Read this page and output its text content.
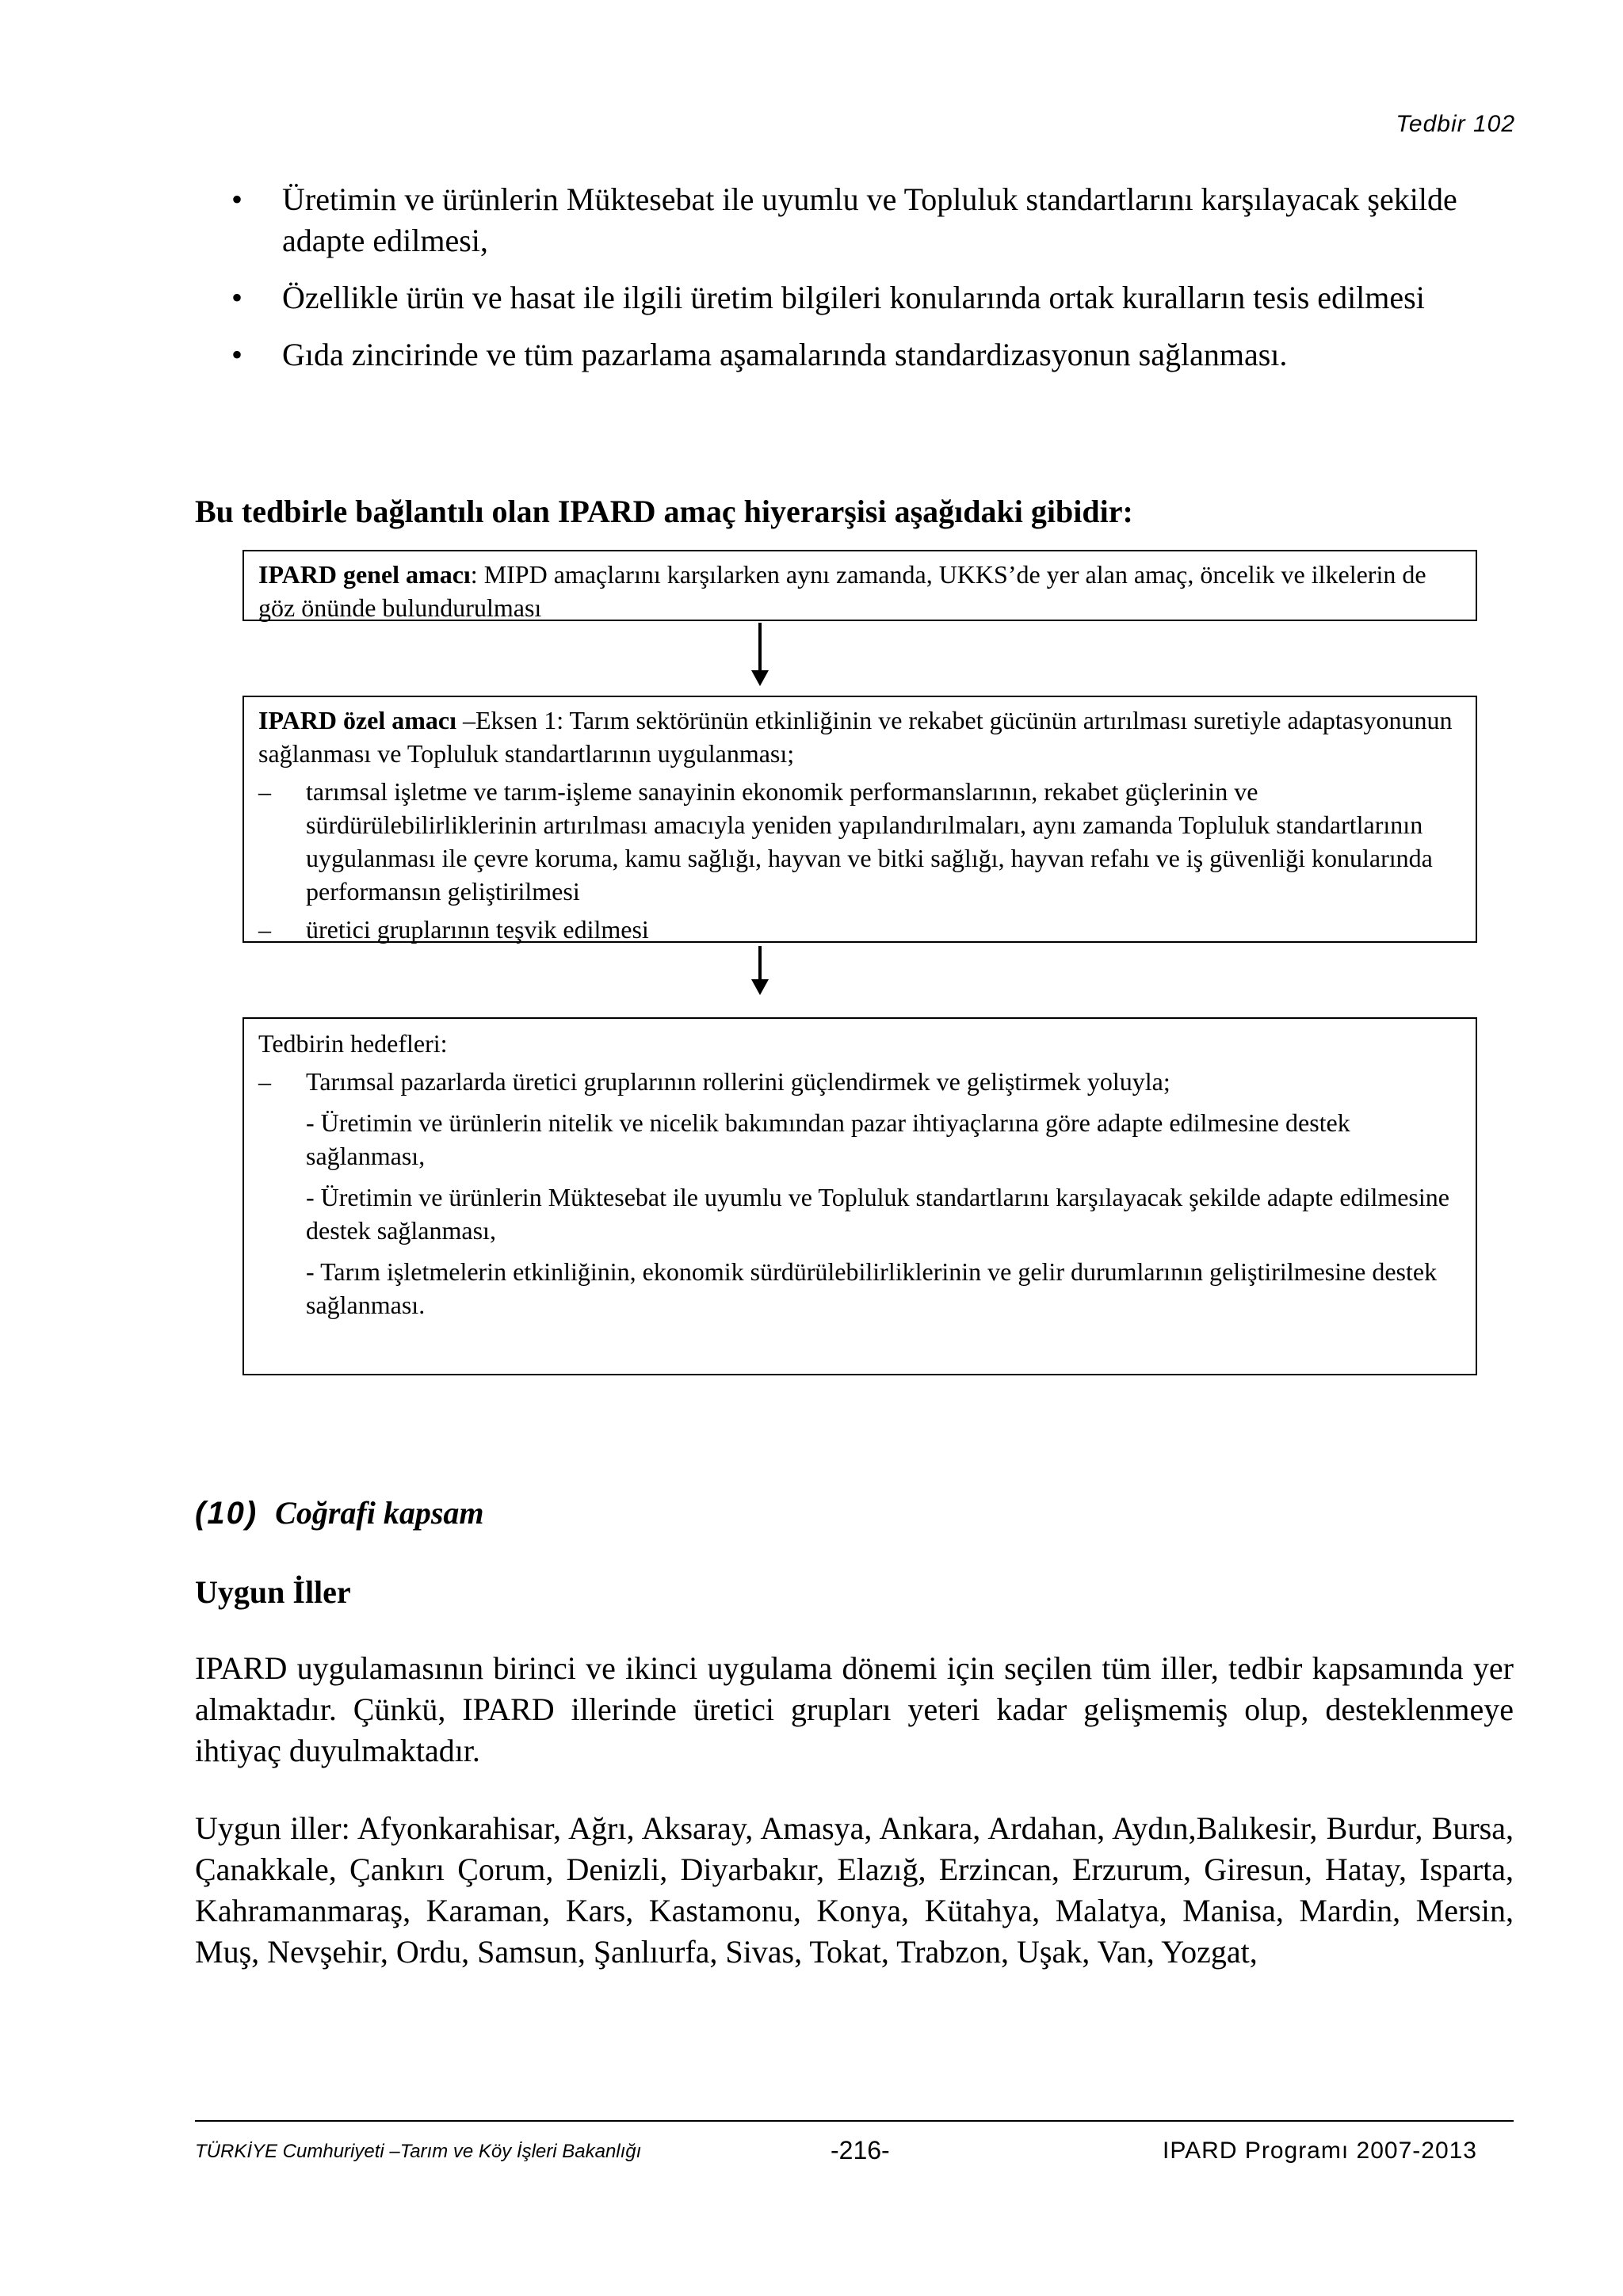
Tedbir 102
• Üretimin ve ürünlerin Müktesebat ile uyumlu ve Topluluk standartlarını karşılayacak şekilde adapte edilmesi,
• Özellikle ürün ve hasat ile ilgili üretim bilgileri konularında ortak kuralların tesis edilmesi
• Gıda zincirinde ve tüm pazarlama aşamalarında standardizasyonun sağlanması.
Bu tedbirle bağlantılı olan IPARD amaç hiyerarşisi aşağıdaki gibidir:
IPARD genel amacı: MIPD amaçlarını karşılarken aynı zamanda, UKKS’de yer alan amaç, öncelik ve ilkelerin de göz önünde bulundurulması
IPARD özel amacı –Eksen 1: Tarım sektörünün etkinliğinin ve rekabet gücünün artırılması suretiyle adaptasyonunun sağlanması ve Topluluk standartlarının uygulanması;
– tarımsal işletme ve tarım-işleme sanayinin ekonomik performanslarının, rekabet güçlerinin ve sürdürülebilirliklerinin artırılması amacıyla yeniden yapılandırılmaları, aynı zamanda Topluluk standartlarının uygulanması ile çevre koruma, kamu sağlığı, hayvan ve bitki sağlığı, hayvan refahı ve iş güvenliği konularında performansın geliştirilmesi
– üretici gruplarının teşvik edilmesi
Tedbirin hedefleri:
– Tarımsal pazarlarda üretici gruplarının rollerini güçlendirmek ve geliştirmek yoluyla;
- Üretimin ve ürünlerin nitelik ve nicelik bakımından pazar ihtiyaçlarına göre adapte edilmesine destek sağlanması,
- Üretimin ve ürünlerin Müktesebat ile uyumlu ve Topluluk standartlarını karşılayacak şekilde adapte edilmesine destek sağlanması,
- Tarım işletmelerin etkinliğinin, ekonomik sürdürülebilirliklerinin ve gelir durumlarının geliştirilmesine destek sağlanması.
(10) Coğrafi kapsam
Uygun İller
IPARD uygulamasının birinci ve ikinci uygulama dönemi için seçilen tüm iller, tedbir kapsamında yer almaktadır. Çünkü, IPARD illerinde üretici grupları yeteri kadar gelişmemiş olup, desteklenmeye ihtiyaç duyulmaktadır.
Uygun iller: Afyonkarahisar, Ağrı, Aksaray, Amasya, Ankara, Ardahan, Aydın,Balıkesir, Burdur, Bursa, Çanakkale, Çankırı Çorum, Denizli, Diyarbakır, Elazığ, Erzincan, Erzurum, Giresun, Hatay, Isparta, Kahramanmaraş, Karaman, Kars, Kastamonu, Konya, Kütahya, Malatya, Manisa, Mardin, Mersin, Muş, Nevşehir, Ordu, Samsun, Şanlıurfa, Sivas, Tokat, Trabzon, Uşak, Van, Yozgat,
TÜRKİYE Cumhuriyeti –Tarım ve Köy İşleri Bakanlığı	-216-	IPARD Programı 2007-2013
